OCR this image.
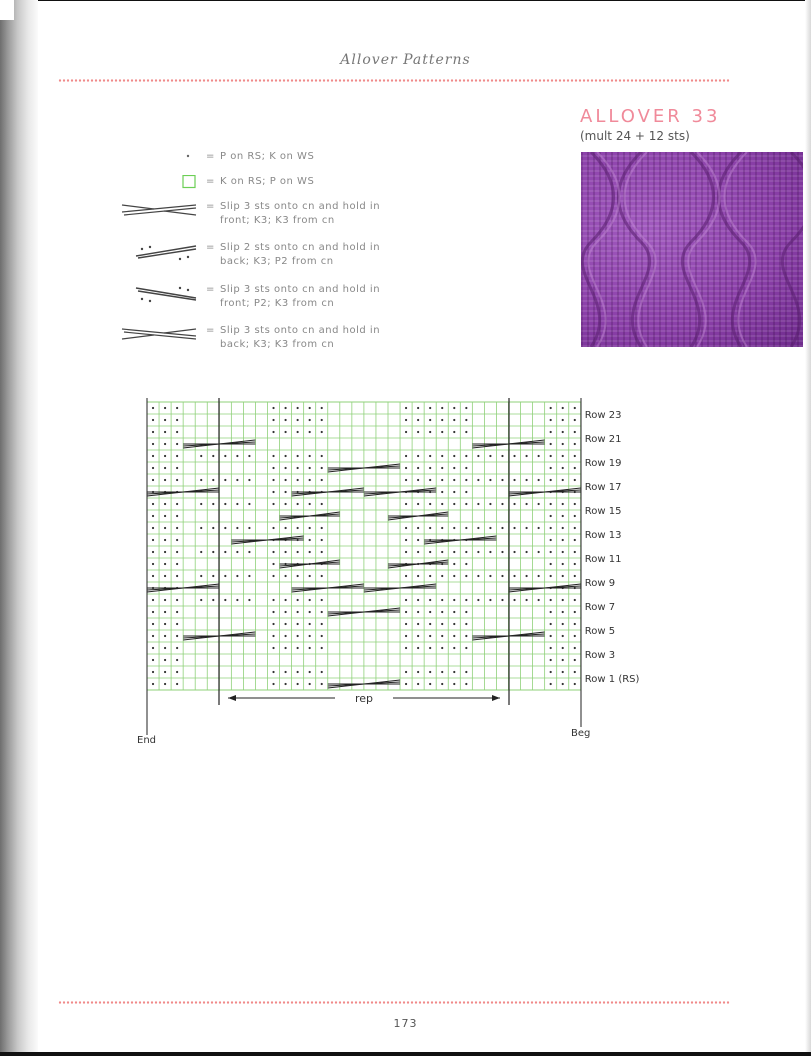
Allover Patterns
ALLOVER 33
(mult 24 + 12 sts)
= P on RS; K on WS
= K on RS; P on WS
= Slip 3 sts onto cn and hold in front; K3; K3 from cn
= Slip 2 sts onto cn and hold in back; K3; P2 from cn
= Slip 3 sts onto cn and hold in front; P2; K3 from cn
= Slip 3 sts onto cn and hold in back; K3; K3 from cn
Row 23
Row 21
Row 19
Row 17
Row 15
Row 13
Row 11
Row 9
Row 7
Row 5
Row 3
Row 1 (RS)
rep
End
Beg
173
